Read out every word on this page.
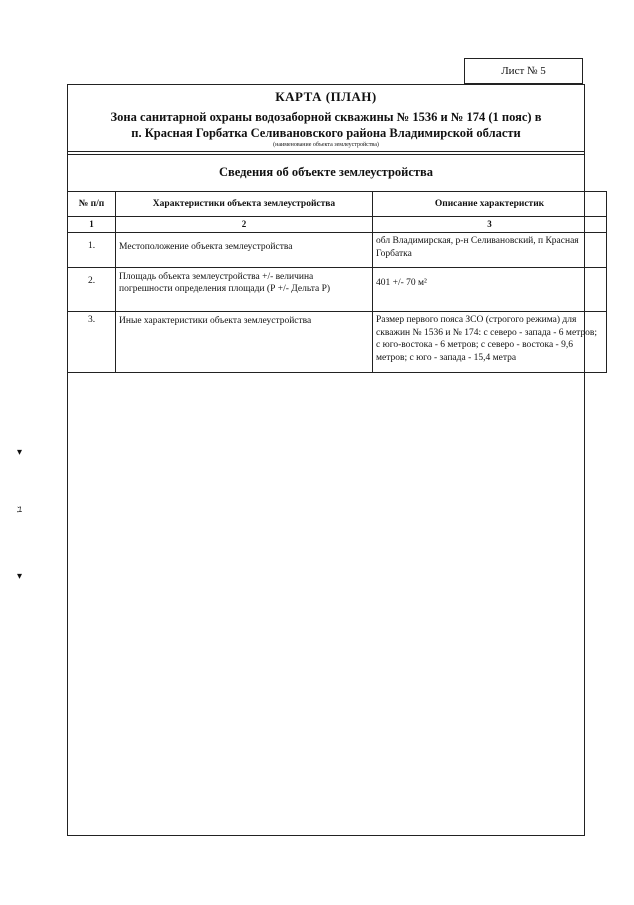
Лист № 5
КАРТА (ПЛАН)
Зона санитарной охраны водозаборной скважины № 1536 и № 174 (1 пояс) в
п. Красная Горбатка Селивановского района Владимирской области
(наименование объекта землеустройства)
Сведения об объекте землеустройства
№ п/п	Характеристики объекта землеустройства	Описание характеристик
1	2	3
1.	Местоположение объекта землеустройства	обл Владимирская, р-н Селивановский, п Красная Горбатка
2.	Площадь объекта землеустройства +/- величина погрешности определения площади (Р +/- Дельта Р)	401 +/- 70 м²
3.	Иные характеристики объекта землеустройства	Размер первого пояса ЗСО (строгого режима) для скважин № 1536 и № 174: с северо - запада - 6 метров; с юго-востока - 6 метров; с северо - востока - 9,6 метров; с юго - запада - 15,4 метра
▾
ﾕ
▾
